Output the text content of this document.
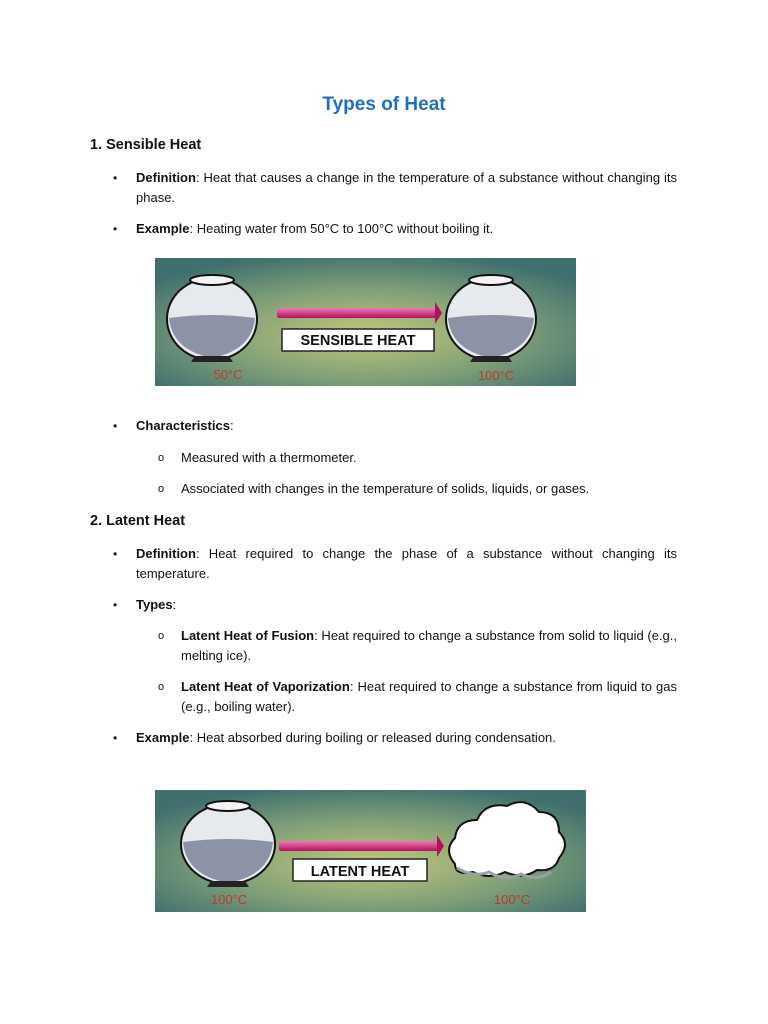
Types of Heat
1. Sensible Heat
• Definition: Heat that causes a change in the temperature of a substance without changing its phase.
• Example: Heating water from 50°C to 100°C without boiling it.
SENSIBLE HEAT
50°C	100°C
• Characteristics:
o Measured with a thermometer.
o Associated with changes in the temperature of solids, liquids, or gases.
2. Latent Heat
• Definition: Heat required to change the phase of a substance without changing its temperature.
• Types:
o Latent Heat of Fusion: Heat required to change a substance from solid to liquid (e.g., melting ice).
o Latent Heat of Vaporization: Heat required to change a substance from liquid to gas (e.g., boiling water).
• Example: Heat absorbed during boiling or released during condensation.
LATENT HEAT
100°C	100°C
